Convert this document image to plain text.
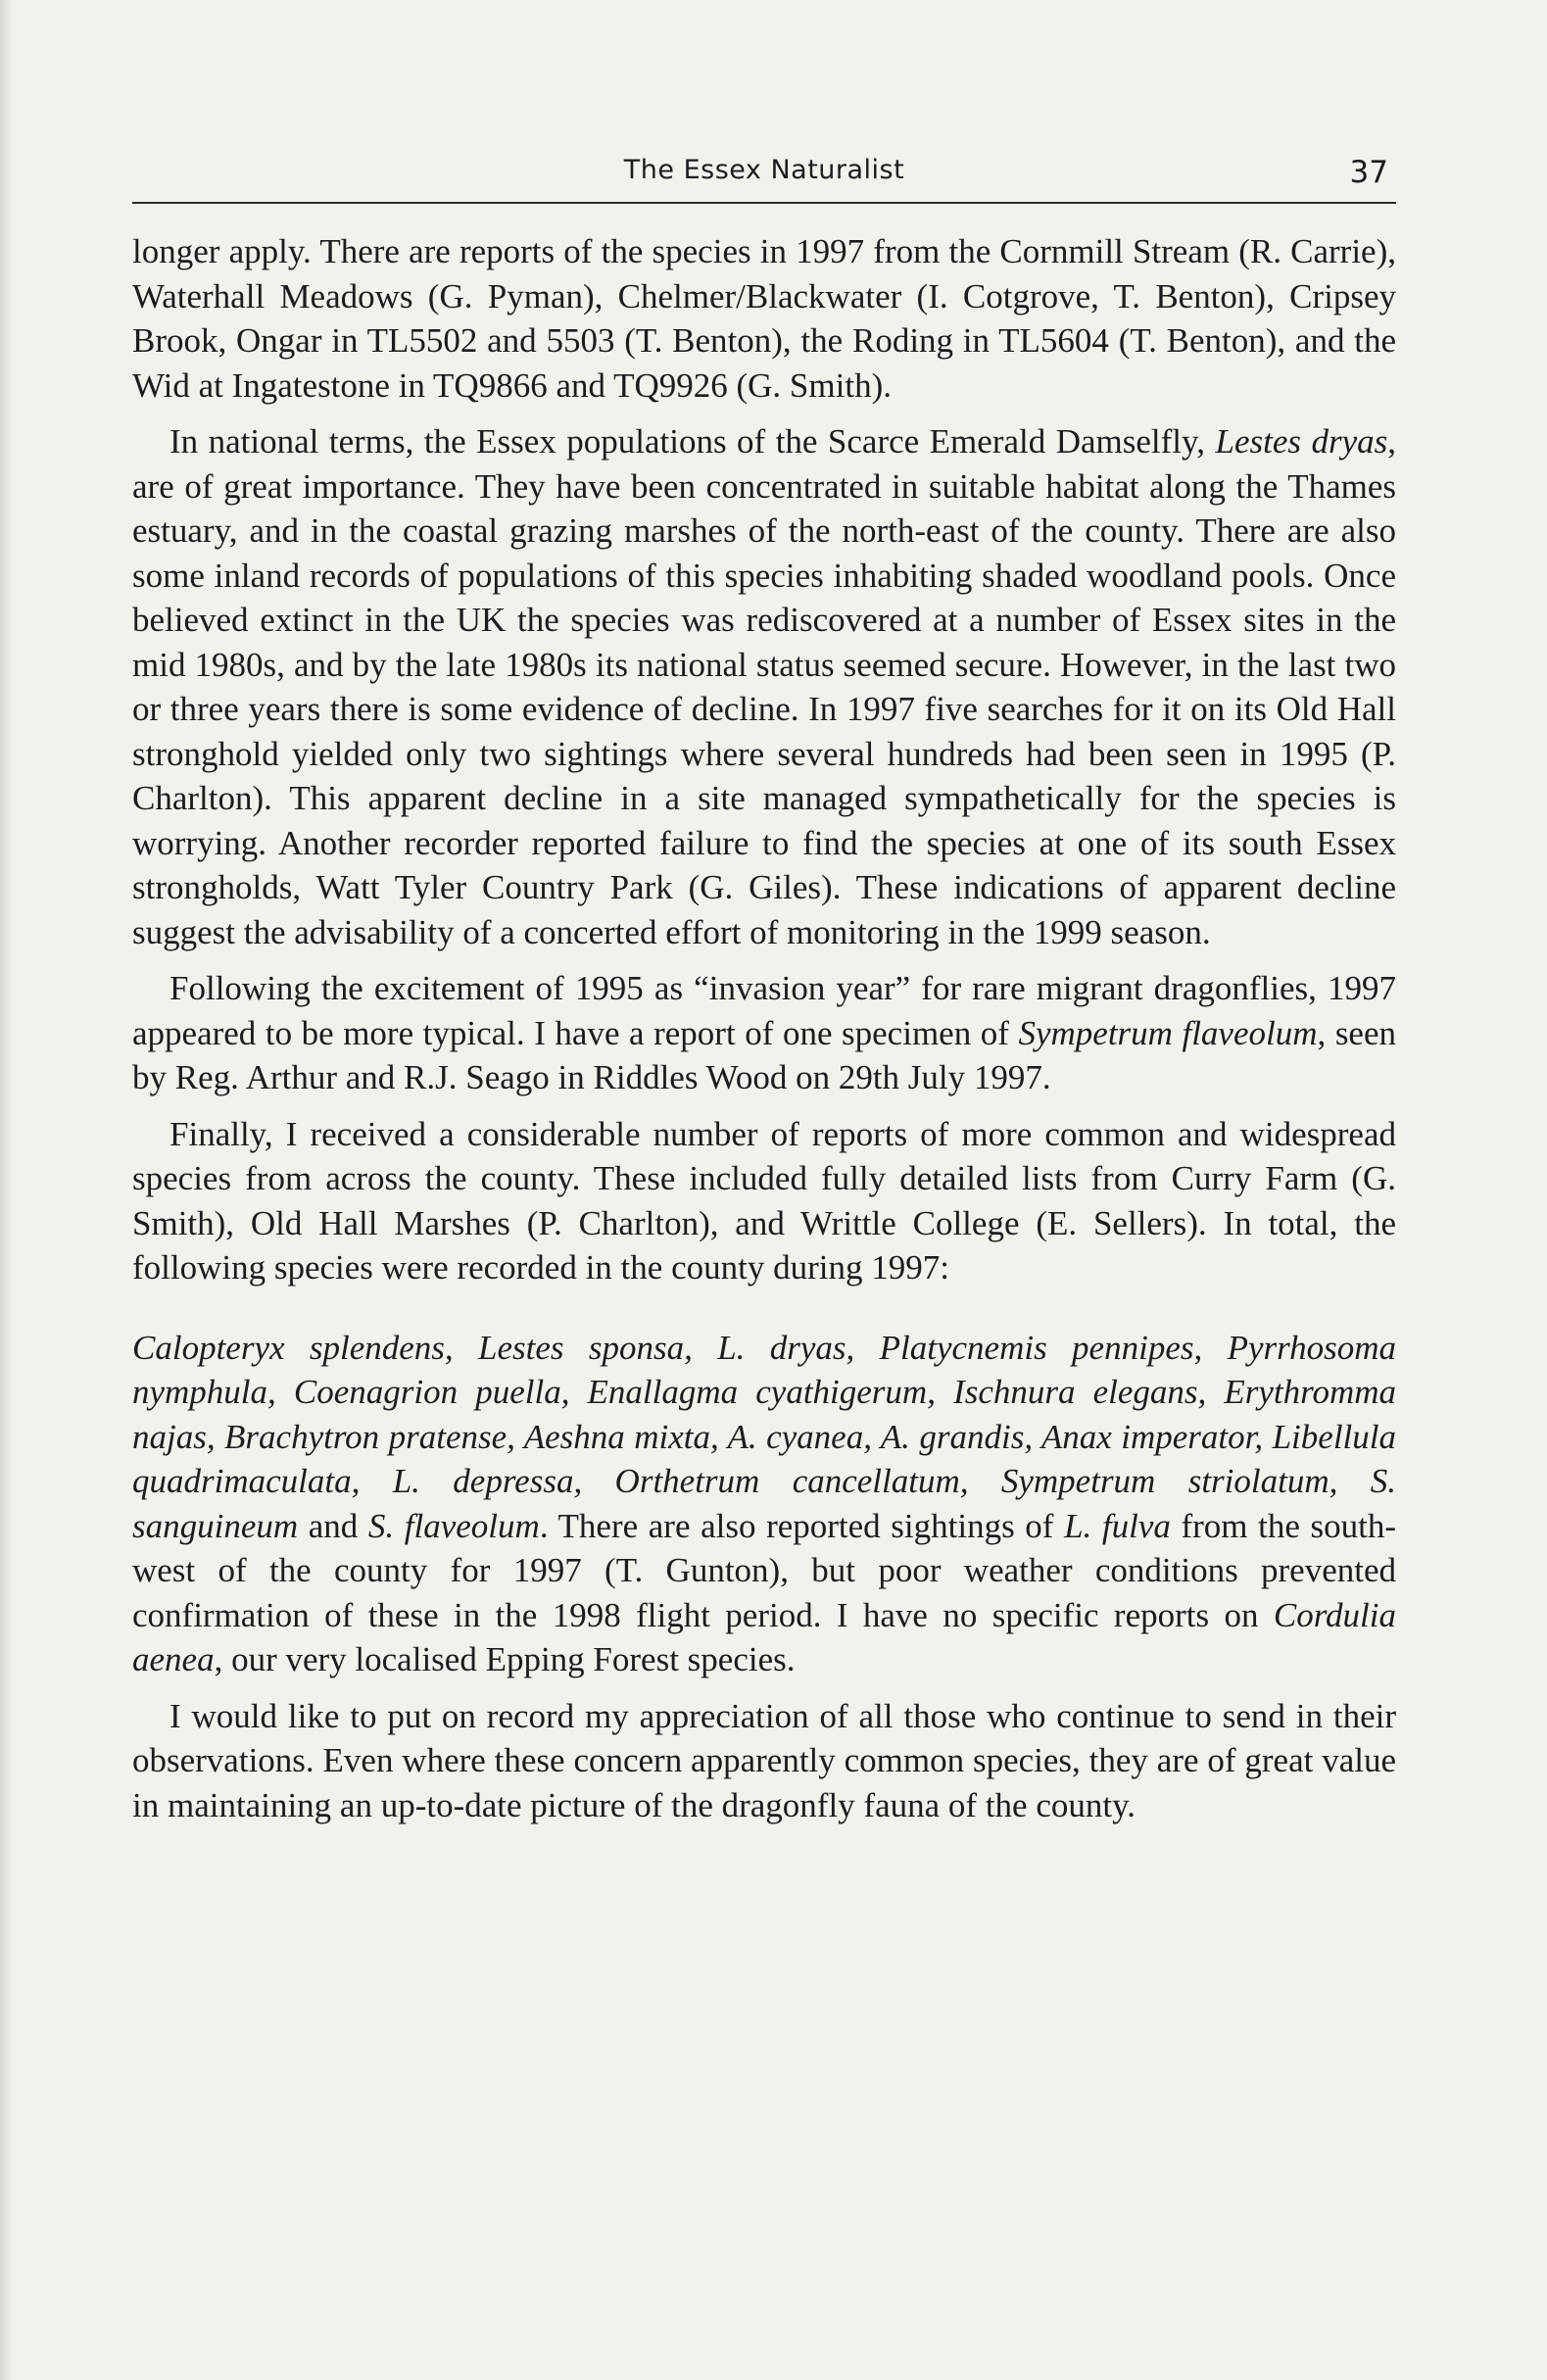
The Essex Naturalist	37

longer apply. There are reports of the species in 1997 from the Cornmill Stream (R. Carrie), Waterhall Meadows (G. Pyman), Chelmer/Blackwater (I. Cotgrove, T. Benton), Cripsey Brook, Ongar in TL5502 and 5503 (T. Benton), the Roding in TL5604 (T. Benton), and the Wid at Ingatestone in TQ9866 and TQ9926 (G. Smith).

In national terms, the Essex populations of the Scarce Emerald Damselfly, Lestes dryas, are of great importance. They have been concentrated in suitable habitat along the Thames estuary, and in the coastal grazing marshes of the north-east of the county. There are also some inland records of populations of this species inhabiting shaded woodland pools. Once believed extinct in the UK the species was rediscovered at a number of Essex sites in the mid 1980s, and by the late 1980s its national status seemed secure. However, in the last two or three years there is some evidence of decline. In 1997 five searches for it on its Old Hall stronghold yielded only two sightings where several hundreds had been seen in 1995 (P. Charlton). This apparent decline in a site managed sympathetically for the species is worrying. Another recorder reported failure to find the species at one of its south Essex strongholds, Watt Tyler Country Park (G. Giles). These indications of apparent decline suggest the advisability of a concerted effort of monitoring in the 1999 season.

Following the excitement of 1995 as “invasion year” for rare migrant dragonflies, 1997 appeared to be more typical. I have a report of one specimen of Sympetrum flaveolum, seen by Reg. Arthur and R.J. Seago in Riddles Wood on 29th July 1997.

Finally, I received a considerable number of reports of more common and widespread species from across the county. These included fully detailed lists from Curry Farm (G. Smith), Old Hall Marshes (P. Charlton), and Writtle College (E. Sellers). In total, the following species were recorded in the county during 1997:

Calopteryx splendens, Lestes sponsa, L. dryas, Platycnemis pennipes, Pyrrhosoma nymphula, Coenagrion puella, Enallagma cyathigerum, Ischnura elegans, Erythromma najas, Brachytron pratense, Aeshna mixta, A. cyanea, A. grandis, Anax imperator, Libellula quadrimaculata, L. depressa, Orthetrum cancellatum, Sympetrum striolatum, S. sanguineum and S. flaveolum. There are also reported sightings of L. fulva from the south-west of the county for 1997 (T. Gunton), but poor weather conditions prevented confirmation of these in the 1998 flight period. I have no specific reports on Cordulia aenea, our very localised Epping Forest species.

I would like to put on record my appreciation of all those who continue to send in their observations. Even where these concern apparently common species, they are of great value in maintaining an up-to-date picture of the dragonfly fauna of the county.
